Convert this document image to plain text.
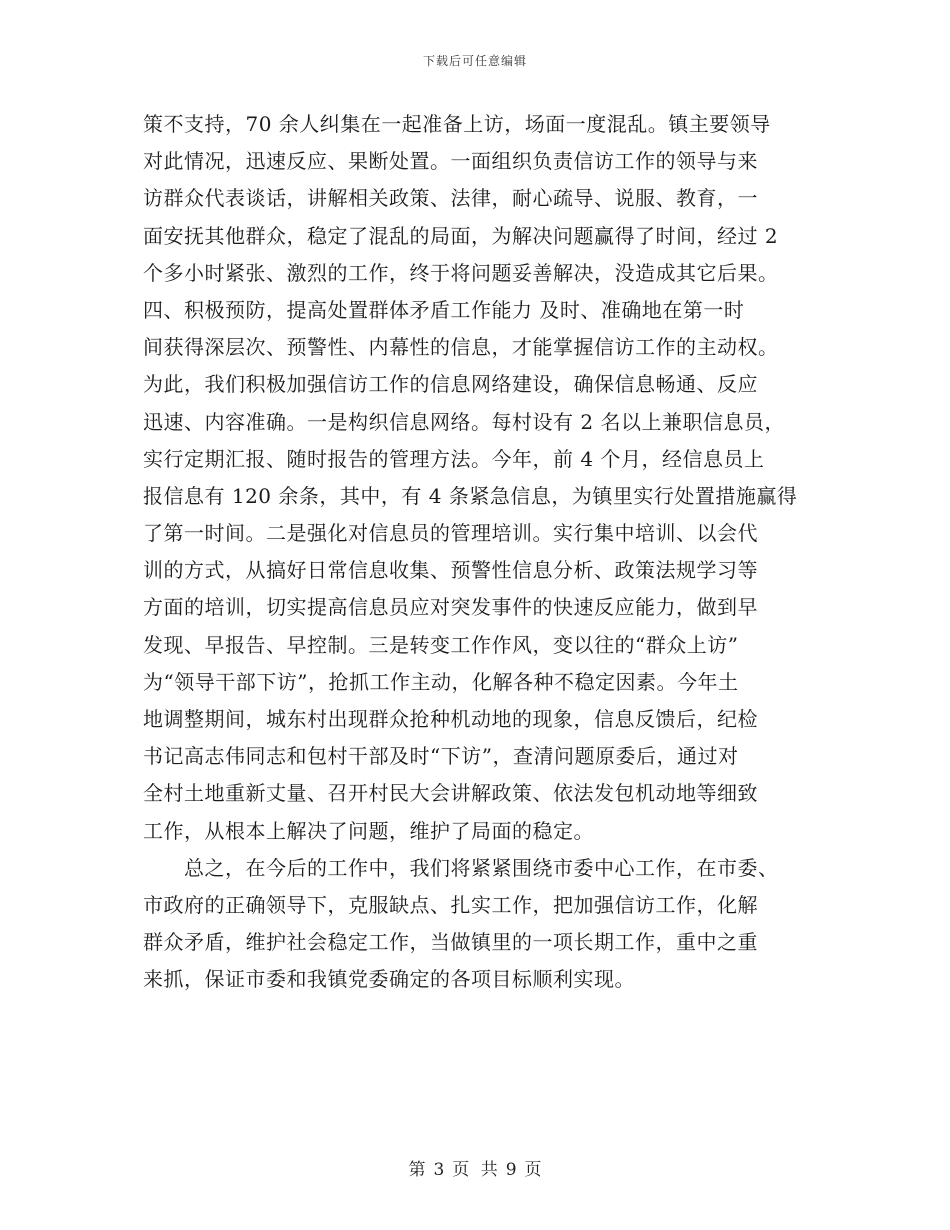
下载后可任意编辑
策不支持，70 余人纠集在一起准备上访，场面一度混乱。镇主要领导
对此情况，迅速反应、果断处置。一面组织负责信访工作的领导与来
访群众代表谈话，讲解相关政策、法律，耐心疏导、说服、教育，一
面安抚其他群众，稳定了混乱的局面，为解决问题赢得了时间，经过 2
个多小时紧张、激烈的工作，终于将问题妥善解决，没造成其它后果。
四、积极预防，提高处置群体矛盾工作能力 及时、准确地在第一时
间获得深层次、预警性、内幕性的信息，才能掌握信访工作的主动权。
为此，我们积极加强信访工作的信息网络建设，确保信息畅通、反应
迅速、内容准确。一是构织信息网络。每村设有 2 名以上兼职信息员，
实行定期汇报、随时报告的管理方法。今年，前 4 个月，经信息员上
报信息有 120 余条，其中，有 4 条紧急信息，为镇里实行处置措施赢得
了第一时间。二是强化对信息员的管理培训。实行集中培训、以会代
训的方式，从搞好日常信息收集、预警性信息分析、政策法规学习等
方面的培训，切实提高信息员应对突发事件的快速反应能力，做到早
发现、早报告、早控制。三是转变工作作风，变以往的“群众上访”
为“领导干部下访”，抢抓工作主动，化解各种不稳定因素。今年土
地调整期间，城东村出现群众抢种机动地的现象，信息反馈后，纪检
书记高志伟同志和包村干部及时“下访”，查清问题原委后，通过对
全村土地重新丈量、召开村民大会讲解政策、依法发包机动地等细致
工作，从根本上解决了问题，维护了局面的稳定。
　　总之，在今后的工作中，我们将紧紧围绕市委中心工作，在市委、
市政府的正确领导下，克服缺点、扎实工作，把加强信访工作，化解
群众矛盾，维护社会稳定工作，当做镇里的一项长期工作，重中之重
来抓，保证市委和我镇党委确定的各项目标顺利实现。
第 3 页 共 9 页
